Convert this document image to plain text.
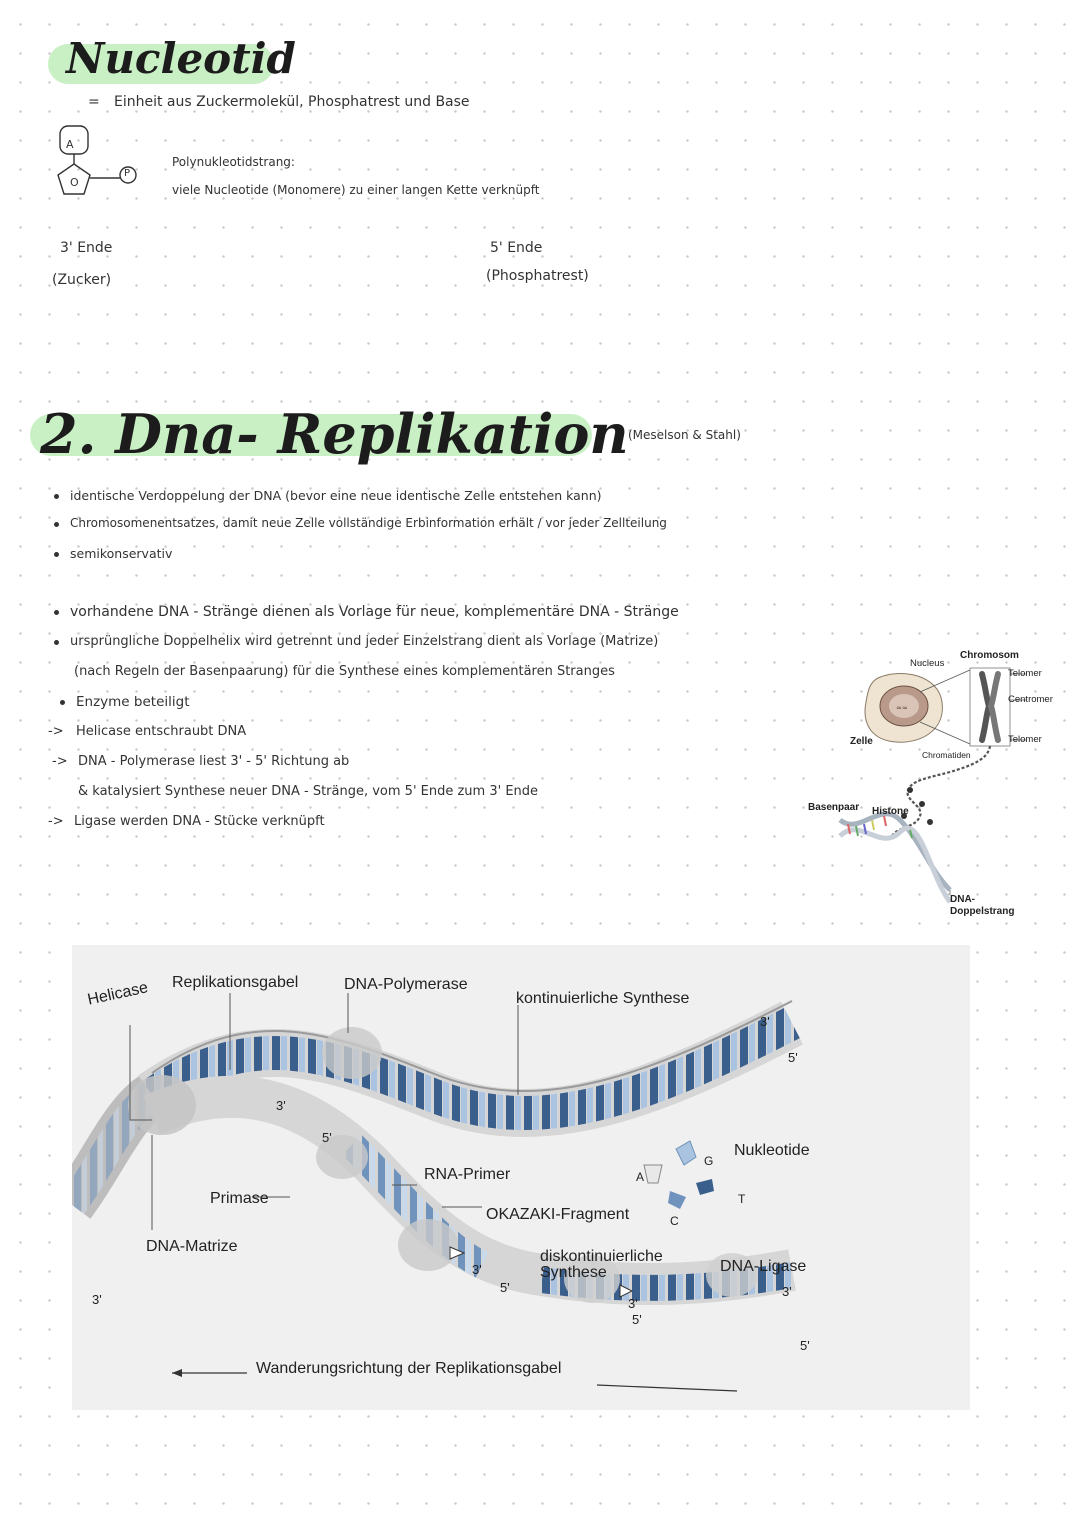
Nucleotid
= Einheit aus Zuckermolekül, Phosphatrest und Base
A
O
P
Polynukleotidstrang:
viele Nucleotide (Monomere) zu einer langen Kette verknüpft
3' Ende
(Zucker)
5' Ende
(Phosphatrest)
2. Dna- Replikation (Meselson & Stahl)
identische Verdoppelung der DNA (bevor eine neue identische Zelle entstehen kann)
Chromosomenentsatzes, damit neue Zelle vollständige Erbinformation erhält / vor jeder Zellteilung
semikonservativ
vorhandene DNA - Stränge dienen als Vorlage für neue, komplementäre DNA - Stränge
ursprüngliche Doppelhelix wird getrennt und jeder Einzelstrang dient als Vorlage (Matrize)
(nach Regeln der Basenpaarung) für die Synthese eines komplementären Stranges
Enzyme beteiligt
-> Helicase entschraubt DNA
-> DNA - Polymerase liest 3' - 5' Richtung ab
& katalysiert Synthese neuer DNA - Stränge, vom 5' Ende zum 3' Ende
-> Ligase werden DNA - Stücke verknüpft
≈≈
Nucleus
Chromosom
Telomer
Centromer
Zelle	Telomer
Chromatiden
Basenpaar Histone
DNA-
Doppelstrang
Helicase Replikationsgabel	DNA-Polymerase
kontinuierliche Synthese
3'
5'
3'
5'
Nukleotide
G
RNA-Primer	A
T
Primase
OKAZAKI-Fragment	C
DNA-Matrize
diskontinuierliche
Synthese	DNA-Ligase
3'
5'
3'
3'
3'
5'
5'
Wanderungsrichtung der Replikationsgabel
